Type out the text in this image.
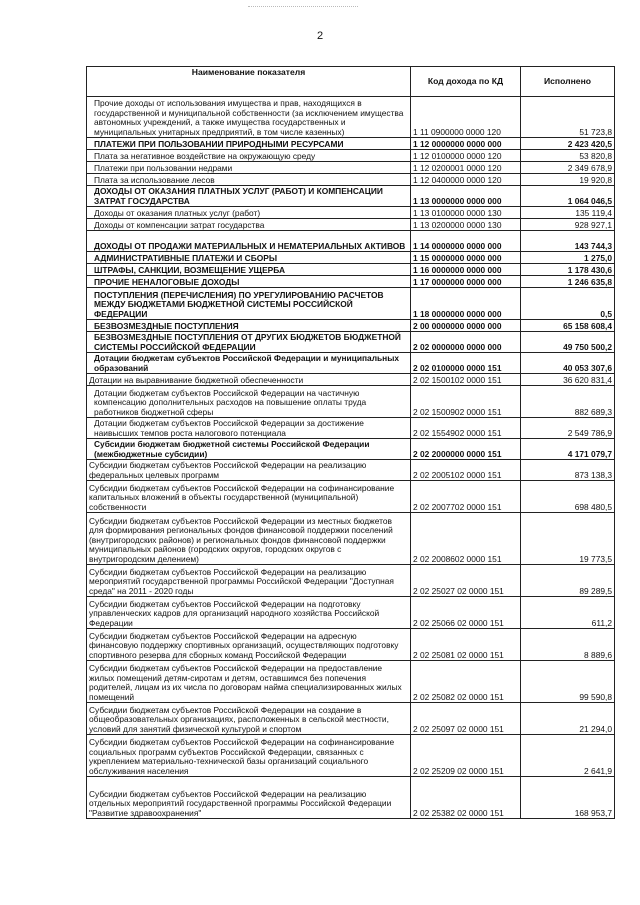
2
Наименование показателя	Код дохода по КД	Исполнено
Прочие доходы от использования имущества и прав, находящихся в государственной и муниципальной собственности (за исключением имущества автономных учреждений, а также имущества государственных и муниципальных унитарных предприятий, в том числе казенных)	1 11 0900000 0000 120	51 723,8
ПЛАТЕЖИ ПРИ ПОЛЬЗОВАНИИ ПРИРОДНЫМИ РЕСУРСАМИ	1 12 0000000 0000 000	2 423 420,5
Плата за негативное воздействие на окружающую среду	1 12 0100000 0000 120	53 820,8
Платежи при пользовании недрами	1 12 0200001 0000 120	2 349 678,9
Плата за использование лесов	1 12 0400000 0000 120	19 920,8
ДОХОДЫ ОТ ОКАЗАНИЯ ПЛАТНЫХ УСЛУГ (РАБОТ) И КОМПЕНСАЦИИ ЗАТРАТ ГОСУДАРСТВА	1 13 0000000 0000 000	1 064 046,5
Доходы от оказания платных услуг (работ)	1 13 0100000 0000 130	135 119,4
Доходы от компенсации затрат государства	1 13 0200000 0000 130	928 927,1
ДОХОДЫ ОТ ПРОДАЖИ МАТЕРИАЛЬНЫХ И НЕМАТЕРИАЛЬНЫХ АКТИВОВ	1 14 0000000 0000 000	143 744,3
АДМИНИСТРАТИВНЫЕ ПЛАТЕЖИ И СБОРЫ	1 15 0000000 0000 000	1 275,0
ШТРАФЫ, САНКЦИИ, ВОЗМЕЩЕНИЕ УЩЕРБА	1 16 0000000 0000 000	1 178 430,6
ПРОЧИЕ НЕНАЛОГОВЫЕ ДОХОДЫ	1 17 0000000 0000 000	1 246 635,8
ПОСТУПЛЕНИЯ (ПЕРЕЧИСЛЕНИЯ) ПО УРЕГУЛИРОВАНИЮ РАСЧЕТОВ МЕЖДУ БЮДЖЕТАМИ БЮДЖЕТНОЙ СИСТЕМЫ РОССИЙСКОЙ ФЕДЕРАЦИИ	1 18 0000000 0000 000	0,5
БЕЗВОЗМЕЗДНЫЕ ПОСТУПЛЕНИЯ	2 00 0000000 0000 000	65 158 608,4
БЕЗВОЗМЕЗДНЫЕ ПОСТУПЛЕНИЯ ОТ ДРУГИХ БЮДЖЕТОВ БЮДЖЕТНОЙ СИСТЕМЫ РОССИЙСКОЙ ФЕДЕРАЦИИ	2 02 0000000 0000 000	49 750 500,2
Дотации бюджетам субъектов Российской Федерации и муниципальных образований	2 02 0100000 0000 151	40 053 307,6
Дотации на выравнивание бюджетной обеспеченности	2 02 1500102 0000 151	36 620 831,4
Дотации бюджетам субъектов Российской Федерации на частичную компенсацию дополнительных расходов на повышение оплаты труда работников бюджетной сферы	2 02 1500902 0000 151	882 689,3
Дотации бюджетам субъектов Российской Федерации за достижение наивысших темпов роста налогового потенциала	2 02 1554902 0000 151	2 549 786,9
Субсидии бюджетам бюджетной системы Российской Федерации (межбюджетные субсидии)	2 02 2000000 0000 151	4 171 079,7
Субсидии бюджетам субъектов Российской Федерации на реализацию федеральных целевых программ	2 02 2005102 0000 151	873 138,3
Субсидии бюджетам субъектов Российской Федерации на софинансирование капитальных вложений в объекты государственной (муниципальной) собственности	2 02 2007702 0000 151	698 480,5
Субсидии бюджетам субъектов Российской Федерации из местных бюджетов для формирования региональных фондов финансовой поддержки поселений (внутригородских районов) и региональных фондов финансовой поддержки муниципальных районов (городских округов, городских округов с внутригородским делением)	2 02 2008602 0000 151	19 773,5
Субсидии бюджетам субъектов Российской Федерации на реализацию мероприятий государственной программы Российской Федерации "Доступная среда" на 2011 - 2020 годы	2 02 25027 02 0000 151	89 289,5
Субсидии бюджетам субъектов Российской Федерации на подготовку управленческих кадров для организаций народного хозяйства Российской Федерации	2 02 25066 02 0000 151	611,2
Субсидии бюджетам субъектов Российской Федерации на адресную финансовую поддержку спортивных организаций, осуществляющих подготовку спортивного резерва для сборных команд Российской Федерации	2 02 25081 02 0000 151	8 889,6
Субсидии бюджетам субъектов Российской Федерации на предоставление жилых помещений детям-сиротам и детям, оставшимся без попечения родителей, лицам из их числа по договорам найма специализированных жилых помещений	2 02 25082 02 0000 151	99 590,8
Субсидии бюджетам субъектов Российской Федерации на создание в общеобразовательных организациях, расположенных в сельской местности, условий для занятий физической культурой и спортом	2 02 25097 02 0000 151	21 294,0
Субсидии бюджетам субъектов Российской Федерации на софинансирование социальных программ субъектов Российской Федерации, связанных с укреплением материально-технической базы организаций социального обслуживания населения	2 02 25209 02 0000 151	2 641,9
Субсидии бюджетам субъектов Российской Федерации на реализацию отдельных мероприятий государственной программы Российской Федерации "Развитие здравоохранения"	2 02 25382 02 0000 151	168 953,7
